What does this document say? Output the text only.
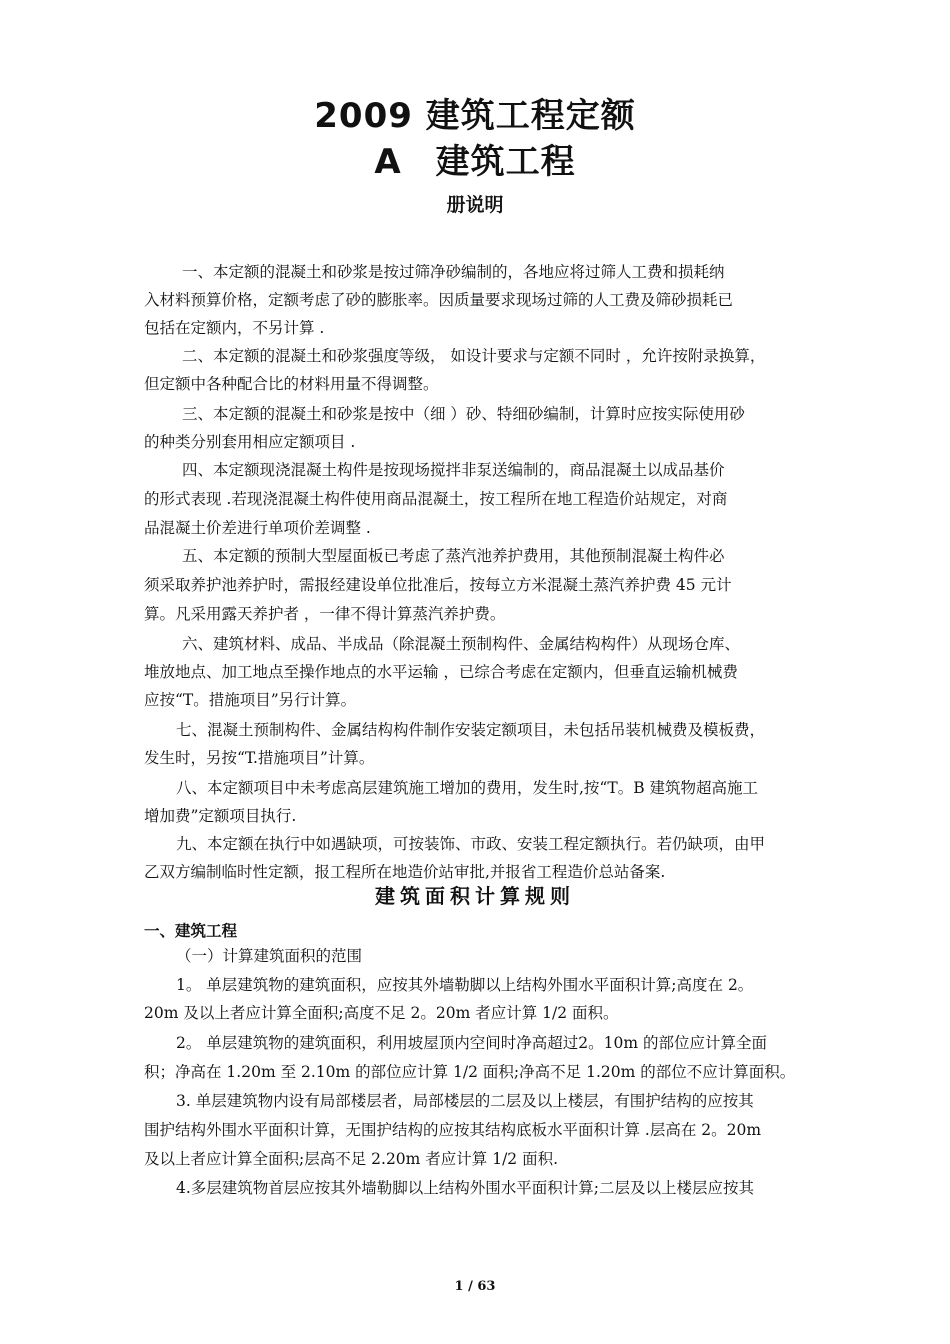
2009 建筑工程定额
A 建筑工程
册说明
一、本定额的混凝土和砂浆是按过筛净砂编制的，各地应将过筛人工费和损耗纳
入材料预算价格，定额考虑了砂的膨胀率。因质量要求现场过筛的人工费及筛砂损耗已
包括在定额内，不另计算 .
二、本定额的混凝土和砂浆强度等级， 如设计要求与定额不同时 ，允许按附录换算，
但定额中各种配合比的材料用量不得调整。
三、本定额的混凝土和砂浆是按中（细 ）砂、特细砂编制，计算时应按实际使用砂
的种类分别套用相应定额项目 .
四、本定额现浇混凝土构件是按现场搅拌非泵送编制的，商品混凝土以成品基价
的形式表现 .若现浇混凝土构件使用商品混凝土，按工程所在地工程造价站规定，对商
品混凝土价差进行单项价差调整 .
五、本定额的预制大型屋面板已考虑了蒸汽池养护费用，其他预制混凝土构件必
须采取养护池养护时，需报经建设单位批准后，按每立方米混凝土蒸汽养护费 45 元计
算。凡采用露天养护者 ，一律不得计算蒸汽养护费。
六、建筑材料、成品、半成品（除混凝土预制构件、金属结构构件）从现场仓库、
堆放地点、加工地点至操作地点的水平运输 ，已综合考虑在定额内，但垂直运输机械费
应按“T。措施项目”另行计算。
七、混凝土预制构件、金属结构构件制作安装定额项目，未包括吊装机械费及模板费，
发生时，另按“T.措施项目”计算。
八、本定额项目中未考虑高层建筑施工增加的费用，发生时,按“T。B 建筑物超高施工
增加费”定额项目执行.
九、本定额在执行中如遇缺项，可按装饰、市政、安装工程定额执行。若仍缺项，由甲
乙双方编制临时性定额，报工程所在地造价站审批,并报省工程造价总站备案.
建筑面积计算规则
一、建筑工程
（一）计算建筑面积的范围
1。 单层建筑物的建筑面积，应按其外墙勒脚以上结构外围水平面积计算;高度在 2。
20m 及以上者应计算全面积;高度不足 2。20m 者应计算 1/2 面积。
2。 单层建筑物的建筑面积，利用坡屋顶内空间时净高超过2。10m 的部位应计算全面
积；净高在 1.20m 至 2.10m 的部位应计算 1/2 面积;净高不足 1.20m 的部位不应计算面积。
3. 单层建筑物内设有局部楼层者，局部楼层的二层及以上楼层，有围护结构的应按其
围护结构外围水平面积计算，无围护结构的应按其结构底板水平面积计算 .层高在 2。20m
及以上者应计算全面积;层高不足 2.20m 者应计算 1/2 面积.
4.多层建筑物首层应按其外墙勒脚以上结构外围水平面积计算;二层及以上楼层应按其
1 / 63
